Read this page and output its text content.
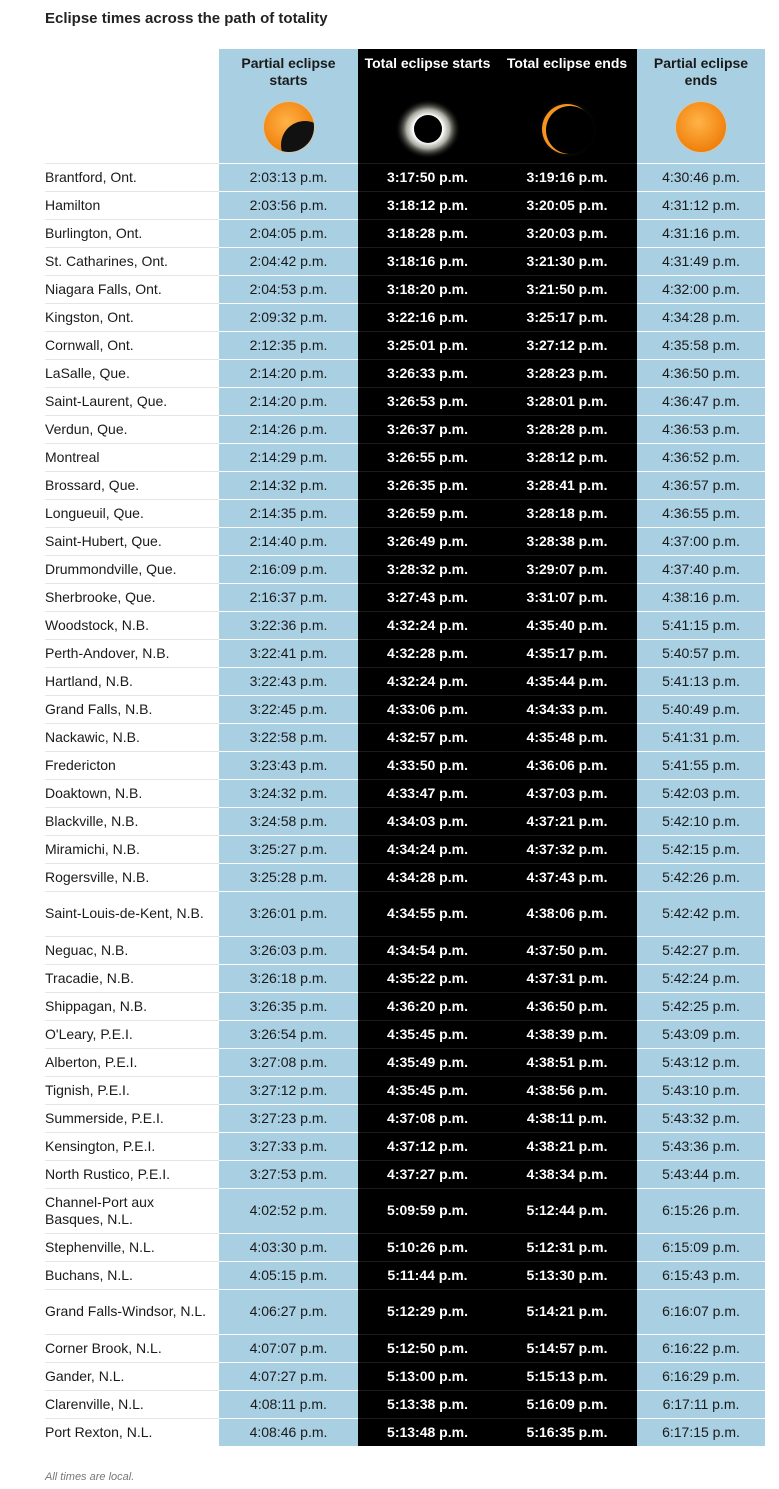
Eclipse times across the path of totality

	Partial eclipse starts	Total eclipse starts	Total eclipse ends	Partial eclipse ends

Brantford, Ont.	2:03:13 p.m.	3:17:50 p.m.	3:19:16 p.m.	4:30:46 p.m.
Hamilton	2:03:56 p.m.	3:18:12 p.m.	3:20:05 p.m.	4:31:12 p.m.
Burlington, Ont.	2:04:05 p.m.	3:18:28 p.m.	3:20:03 p.m.	4:31:16 p.m.
St. Catharines, Ont.	2:04:42 p.m.	3:18:16 p.m.	3:21:30 p.m.	4:31:49 p.m.
Niagara Falls, Ont.	2:04:53 p.m.	3:18:20 p.m.	3:21:50 p.m.	4:32:00 p.m.
Kingston, Ont.	2:09:32 p.m.	3:22:16 p.m.	3:25:17 p.m.	4:34:28 p.m.
Cornwall, Ont.	2:12:35 p.m.	3:25:01 p.m.	3:27:12 p.m.	4:35:58 p.m.
LaSalle, Que.	2:14:20 p.m.	3:26:33 p.m.	3:28:23 p.m.	4:36:50 p.m.
Saint-Laurent, Que.	2:14:20 p.m.	3:26:53 p.m.	3:28:01 p.m.	4:36:47 p.m.
Verdun, Que.	2:14:26 p.m.	3:26:37 p.m.	3:28:28 p.m.	4:36:53 p.m.
Montreal	2:14:29 p.m.	3:26:55 p.m.	3:28:12 p.m.	4:36:52 p.m.
Brossard, Que.	2:14:32 p.m.	3:26:35 p.m.	3:28:41 p.m.	4:36:57 p.m.
Longueuil, Que.	2:14:35 p.m.	3:26:59 p.m.	3:28:18 p.m.	4:36:55 p.m.
Saint-Hubert, Que.	2:14:40 p.m.	3:26:49 p.m.	3:28:38 p.m.	4:37:00 p.m.
Drummondville, Que.	2:16:09 p.m.	3:28:32 p.m.	3:29:07 p.m.	4:37:40 p.m.
Sherbrooke, Que.	2:16:37 p.m.	3:27:43 p.m.	3:31:07 p.m.	4:38:16 p.m.
Woodstock, N.B.	3:22:36 p.m.	4:32:24 p.m.	4:35:40 p.m.	5:41:15 p.m.
Perth-Andover, N.B.	3:22:41 p.m.	4:32:28 p.m.	4:35:17 p.m.	5:40:57 p.m.
Hartland, N.B.	3:22:43 p.m.	4:32:24 p.m.	4:35:44 p.m.	5:41:13 p.m.
Grand Falls, N.B.	3:22:45 p.m.	4:33:06 p.m.	4:34:33 p.m.	5:40:49 p.m.
Nackawic, N.B.	3:22:58 p.m.	4:32:57 p.m.	4:35:48 p.m.	5:41:31 p.m.
Fredericton	3:23:43 p.m.	4:33:50 p.m.	4:36:06 p.m.	5:41:55 p.m.
Doaktown, N.B.	3:24:32 p.m.	4:33:47 p.m.	4:37:03 p.m.	5:42:03 p.m.
Blackville, N.B.	3:24:58 p.m.	4:34:03 p.m.	4:37:21 p.m.	5:42:10 p.m.
Miramichi, N.B.	3:25:27 p.m.	4:34:24 p.m.	4:37:32 p.m.	5:42:15 p.m.
Rogersville, N.B.	3:25:28 p.m.	4:34:28 p.m.	4:37:43 p.m.	5:42:26 p.m.
Saint-Louis-de-Kent, N.B.	3:26:01 p.m.	4:34:55 p.m.	4:38:06 p.m.	5:42:42 p.m.
Neguac, N.B.	3:26:03 p.m.	4:34:54 p.m.	4:37:50 p.m.	5:42:27 p.m.
Tracadie, N.B.	3:26:18 p.m.	4:35:22 p.m.	4:37:31 p.m.	5:42:24 p.m.
Shippagan, N.B.	3:26:35 p.m.	4:36:20 p.m.	4:36:50 p.m.	5:42:25 p.m.
O'Leary, P.E.I.	3:26:54 p.m.	4:35:45 p.m.	4:38:39 p.m.	5:43:09 p.m.
Alberton, P.E.I.	3:27:08 p.m.	4:35:49 p.m.	4:38:51 p.m.	5:43:12 p.m.
Tignish, P.E.I.	3:27:12 p.m.	4:35:45 p.m.	4:38:56 p.m.	5:43:10 p.m.
Summerside, P.E.I.	3:27:23 p.m.	4:37:08 p.m.	4:38:11 p.m.	5:43:32 p.m.
Kensington, P.E.I.	3:27:33 p.m.	4:37:12 p.m.	4:38:21 p.m.	5:43:36 p.m.
North Rustico, P.E.I.	3:27:53 p.m.	4:37:27 p.m.	4:38:34 p.m.	5:43:44 p.m.
Channel-Port aux Basques, N.L.	4:02:52 p.m.	5:09:59 p.m.	5:12:44 p.m.	6:15:26 p.m.
Stephenville, N.L.	4:03:30 p.m.	5:10:26 p.m.	5:12:31 p.m.	6:15:09 p.m.
Buchans, N.L.	4:05:15 p.m.	5:11:44 p.m.	5:13:30 p.m.	6:15:43 p.m.
Grand Falls-Windsor, N.L.	4:06:27 p.m.	5:12:29 p.m.	5:14:21 p.m.	6:16:07 p.m.
Corner Brook, N.L.	4:07:07 p.m.	5:12:50 p.m.	5:14:57 p.m.	6:16:22 p.m.
Gander, N.L.	4:07:27 p.m.	5:13:00 p.m.	5:15:13 p.m.	6:16:29 p.m.
Clarenville, N.L.	4:08:11 p.m.	5:13:38 p.m.	5:16:09 p.m.	6:17:11 p.m.
Port Rexton, N.L.	4:08:46 p.m.	5:13:48 p.m.	5:16:35 p.m.	6:17:15 p.m.
All times are local.
